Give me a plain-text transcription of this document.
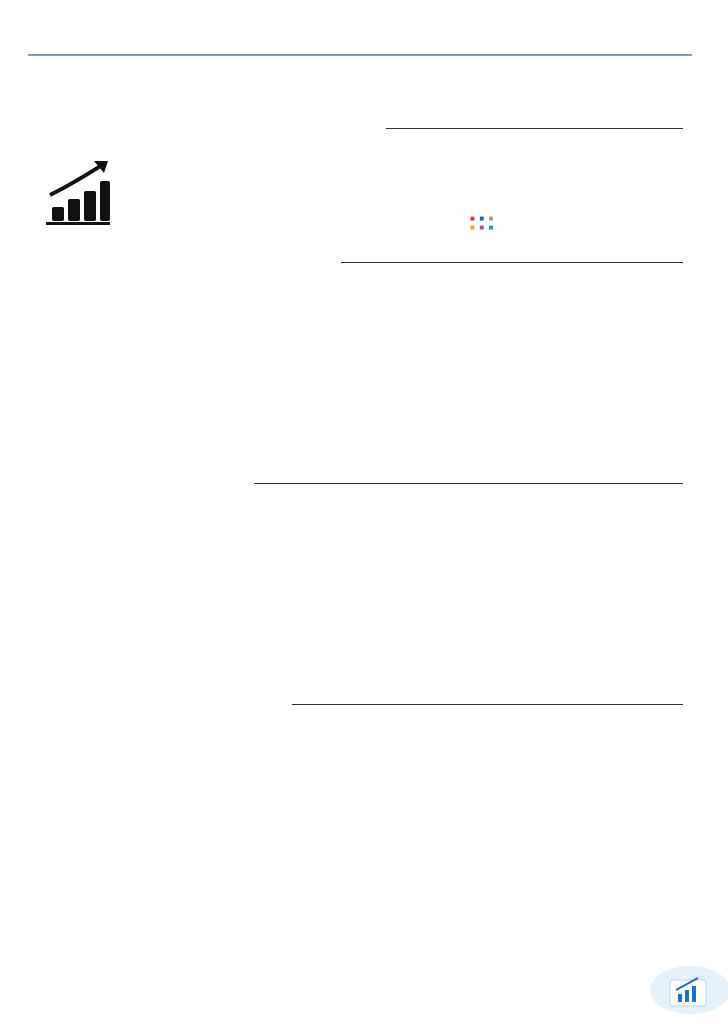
■ ■ ■
■ ■ ■
